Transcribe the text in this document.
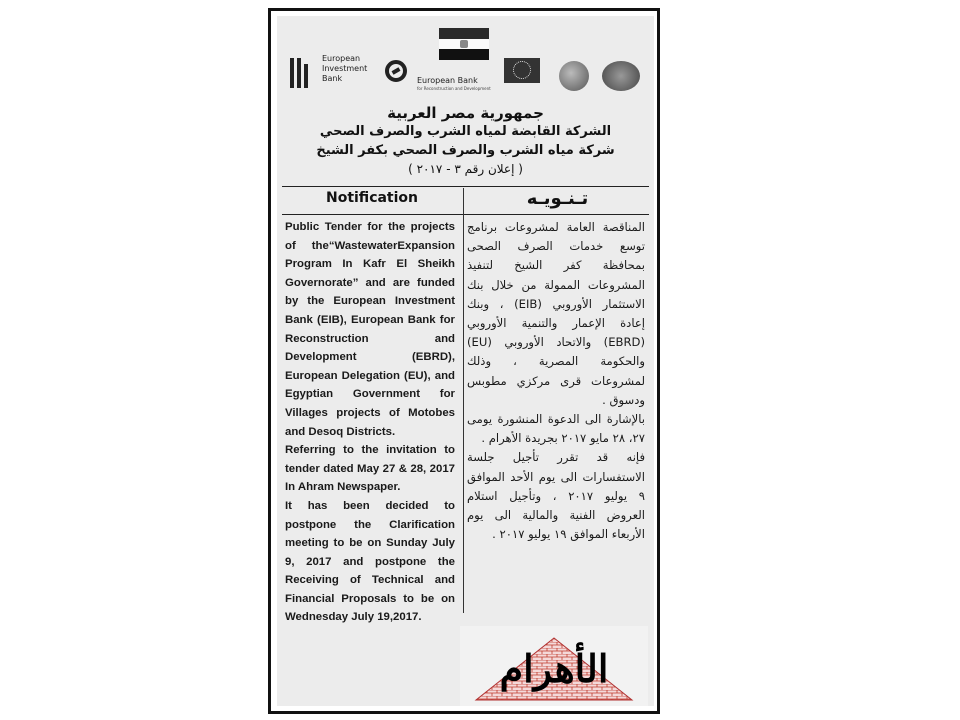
European Investment Bank	European Bank
for Reconstruction and Development
جمهورية مصر العربية
الشركة القابضة لمياه الشرب والصرف الصحي
شركة مياه الشرب والصرف الصحي بكفر الشيخ
( إعلان رقم ٣ - ٢٠١٧ )
Notification	تـنـويـه

Public Tender for the projects of the“WastewaterExpansion Program In Kafr El Sheikh Governorate” and are funded by the European Investment Bank (EIB), European Bank for Reconstruction and Development (EBRD), European Delegation (EU), and Egyptian Government for Villages projects of Motobes and Desoq Districts.

Referring to the invitation to tender dated May 27 & 28, 2017 In Ahram Newspaper.

It has been decided to postpone the Clarification meeting to be on Sunday July 9, 2017 and postpone the Receiving of Technical and Financial Proposals to be on Wednesday July 19,2017.

المناقصة العامة لمشروعات برنامج توسع خدمات الصرف الصحى بمحافظة كفر الشيخ لتنفيذ المشروعات الممولة من خلال بنك الاستثمار الأوروبي (EIB) ، وبنك إعادة الإعمار والتنمية الأوروبي (EBRD) والاتحاد الأوروبي (EU) والحكومة المصرية ، وذلك لمشروعات قرى مركزي مطوبس ودسوق .

بالإشارة الى الدعوة المنشورة يومى ٢٧، ٢٨ مايو ٢٠١٧ بجريدة الأهرام .

فإنه قد تقرر تأجيل جلسة الاستفسارات الى يوم الأحد الموافق ٩ يوليو ٢٠١٧ ، وتأجيل استلام العروض الفنية والمالية الى يوم الأربعاء الموافق ١٩ يوليو ٢٠١٧ .

الأهرام
